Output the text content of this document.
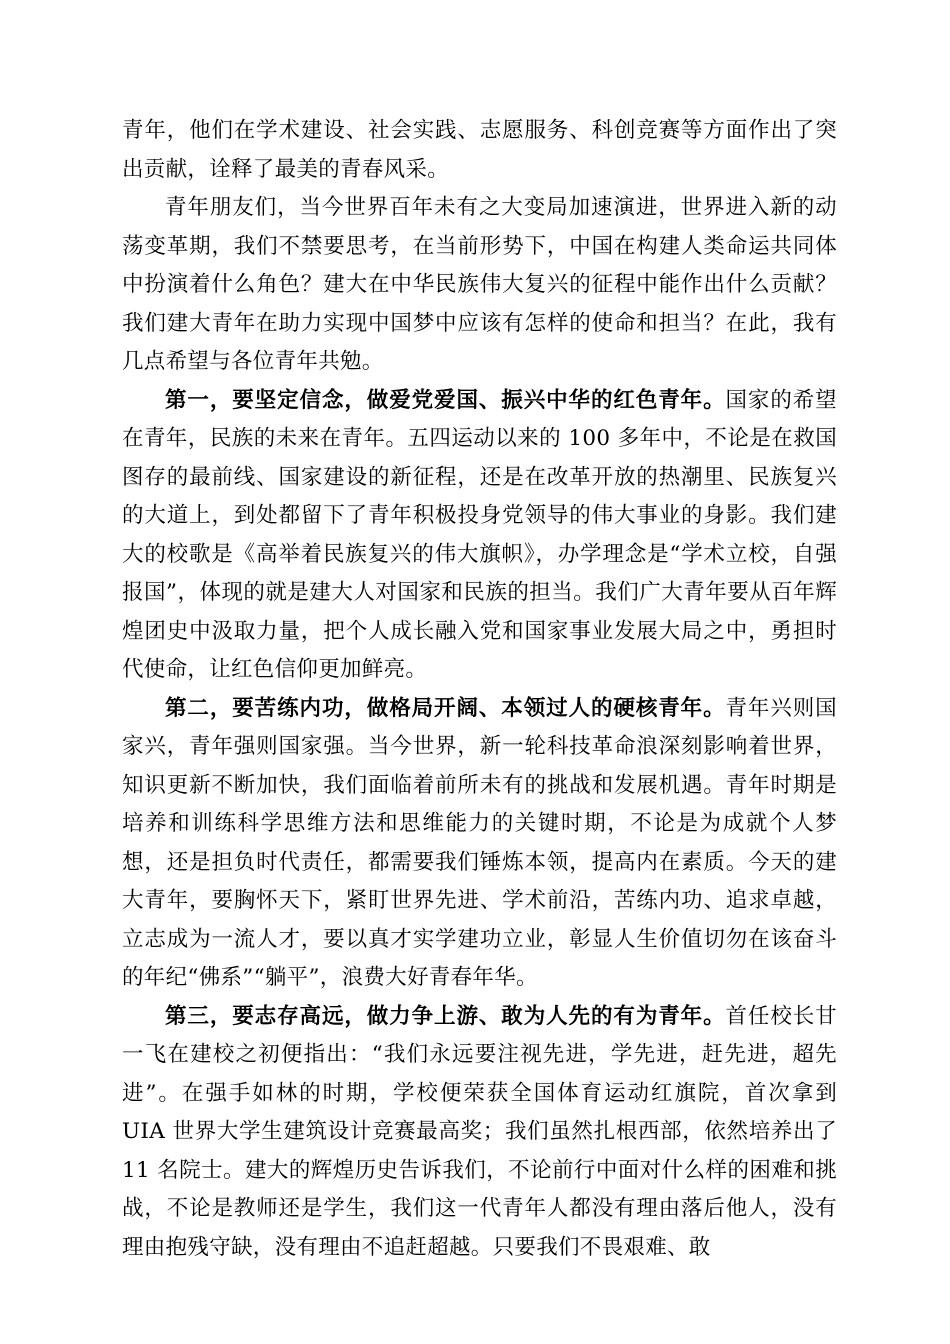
青年，他们在学术建设、社会实践、志愿服务、科创竞赛等方面作出了突出贡献，诠释了最美的青春风采。

青年朋友们，当今世界百年未有之大变局加速演进，世界进入新的动荡变革期，我们不禁要思考，在当前形势下，中国在构建人类命运共同体中扮演着什么角色？建大在中华民族伟大复兴的征程中能作出什么贡献？我们建大青年在助力实现中国梦中应该有怎样的使命和担当？在此，我有几点希望与各位青年共勉。

第一，要坚定信念，做爱党爱国、振兴中华的红色青年。国家的希望在青年，民族的未来在青年。五四运动以来的 100 多年中，不论是在救国图存的最前线、国家建设的新征程，还是在改革开放的热潮里、民族复兴的大道上，到处都留下了青年积极投身党领导的伟大事业的身影。我们建大的校歌是《高举着民族复兴的伟大旗帜》，办学理念是“学术立校，自强报国”，体现的就是建大人对国家和民族的担当。我们广大青年要从百年辉煌团史中汲取力量，把个人成长融入党和国家事业发展大局之中，勇担时代使命，让红色信仰更加鲜亮。

第二，要苦练内功，做格局开阔、本领过人的硬核青年。青年兴则国家兴，青年强则国家强。当今世界，新一轮科技革命浪深刻影响着世界，知识更新不断加快，我们面临着前所未有的挑战和发展机遇。青年时期是培养和训练科学思维方法和思维能力的关键时期，不论是为成就个人梦想，还是担负时代责任，都需要我们锤炼本领，提高内在素质。今天的建大青年，要胸怀天下，紧盯世界先进、学术前沿，苦练内功、追求卓越，立志成为一流人才，要以真才实学建功立业，彰显人生价值切勿在该奋斗的年纪“佛系”“躺平”，浪费大好青春年华。

第三，要志存高远，做力争上游、敢为人先的有为青年。首任校长甘一飞在建校之初便指出：“我们永远要注视先进，学先进，赶先进，超先进”。在强手如林的时期，学校便荣获全国体育运动红旗院，首次拿到 UIA 世界大学生建筑设计竞赛最高奖；我们虽然扎根西部，依然培养出了 11 名院士。建大的辉煌历史告诉我们，不论前行中面对什么样的困难和挑战，不论是教师还是学生，我们这一代青年人都没有理由落后他人，没有理由抱残守缺，没有理由不追赶超越。只要我们不畏艰难、敢
